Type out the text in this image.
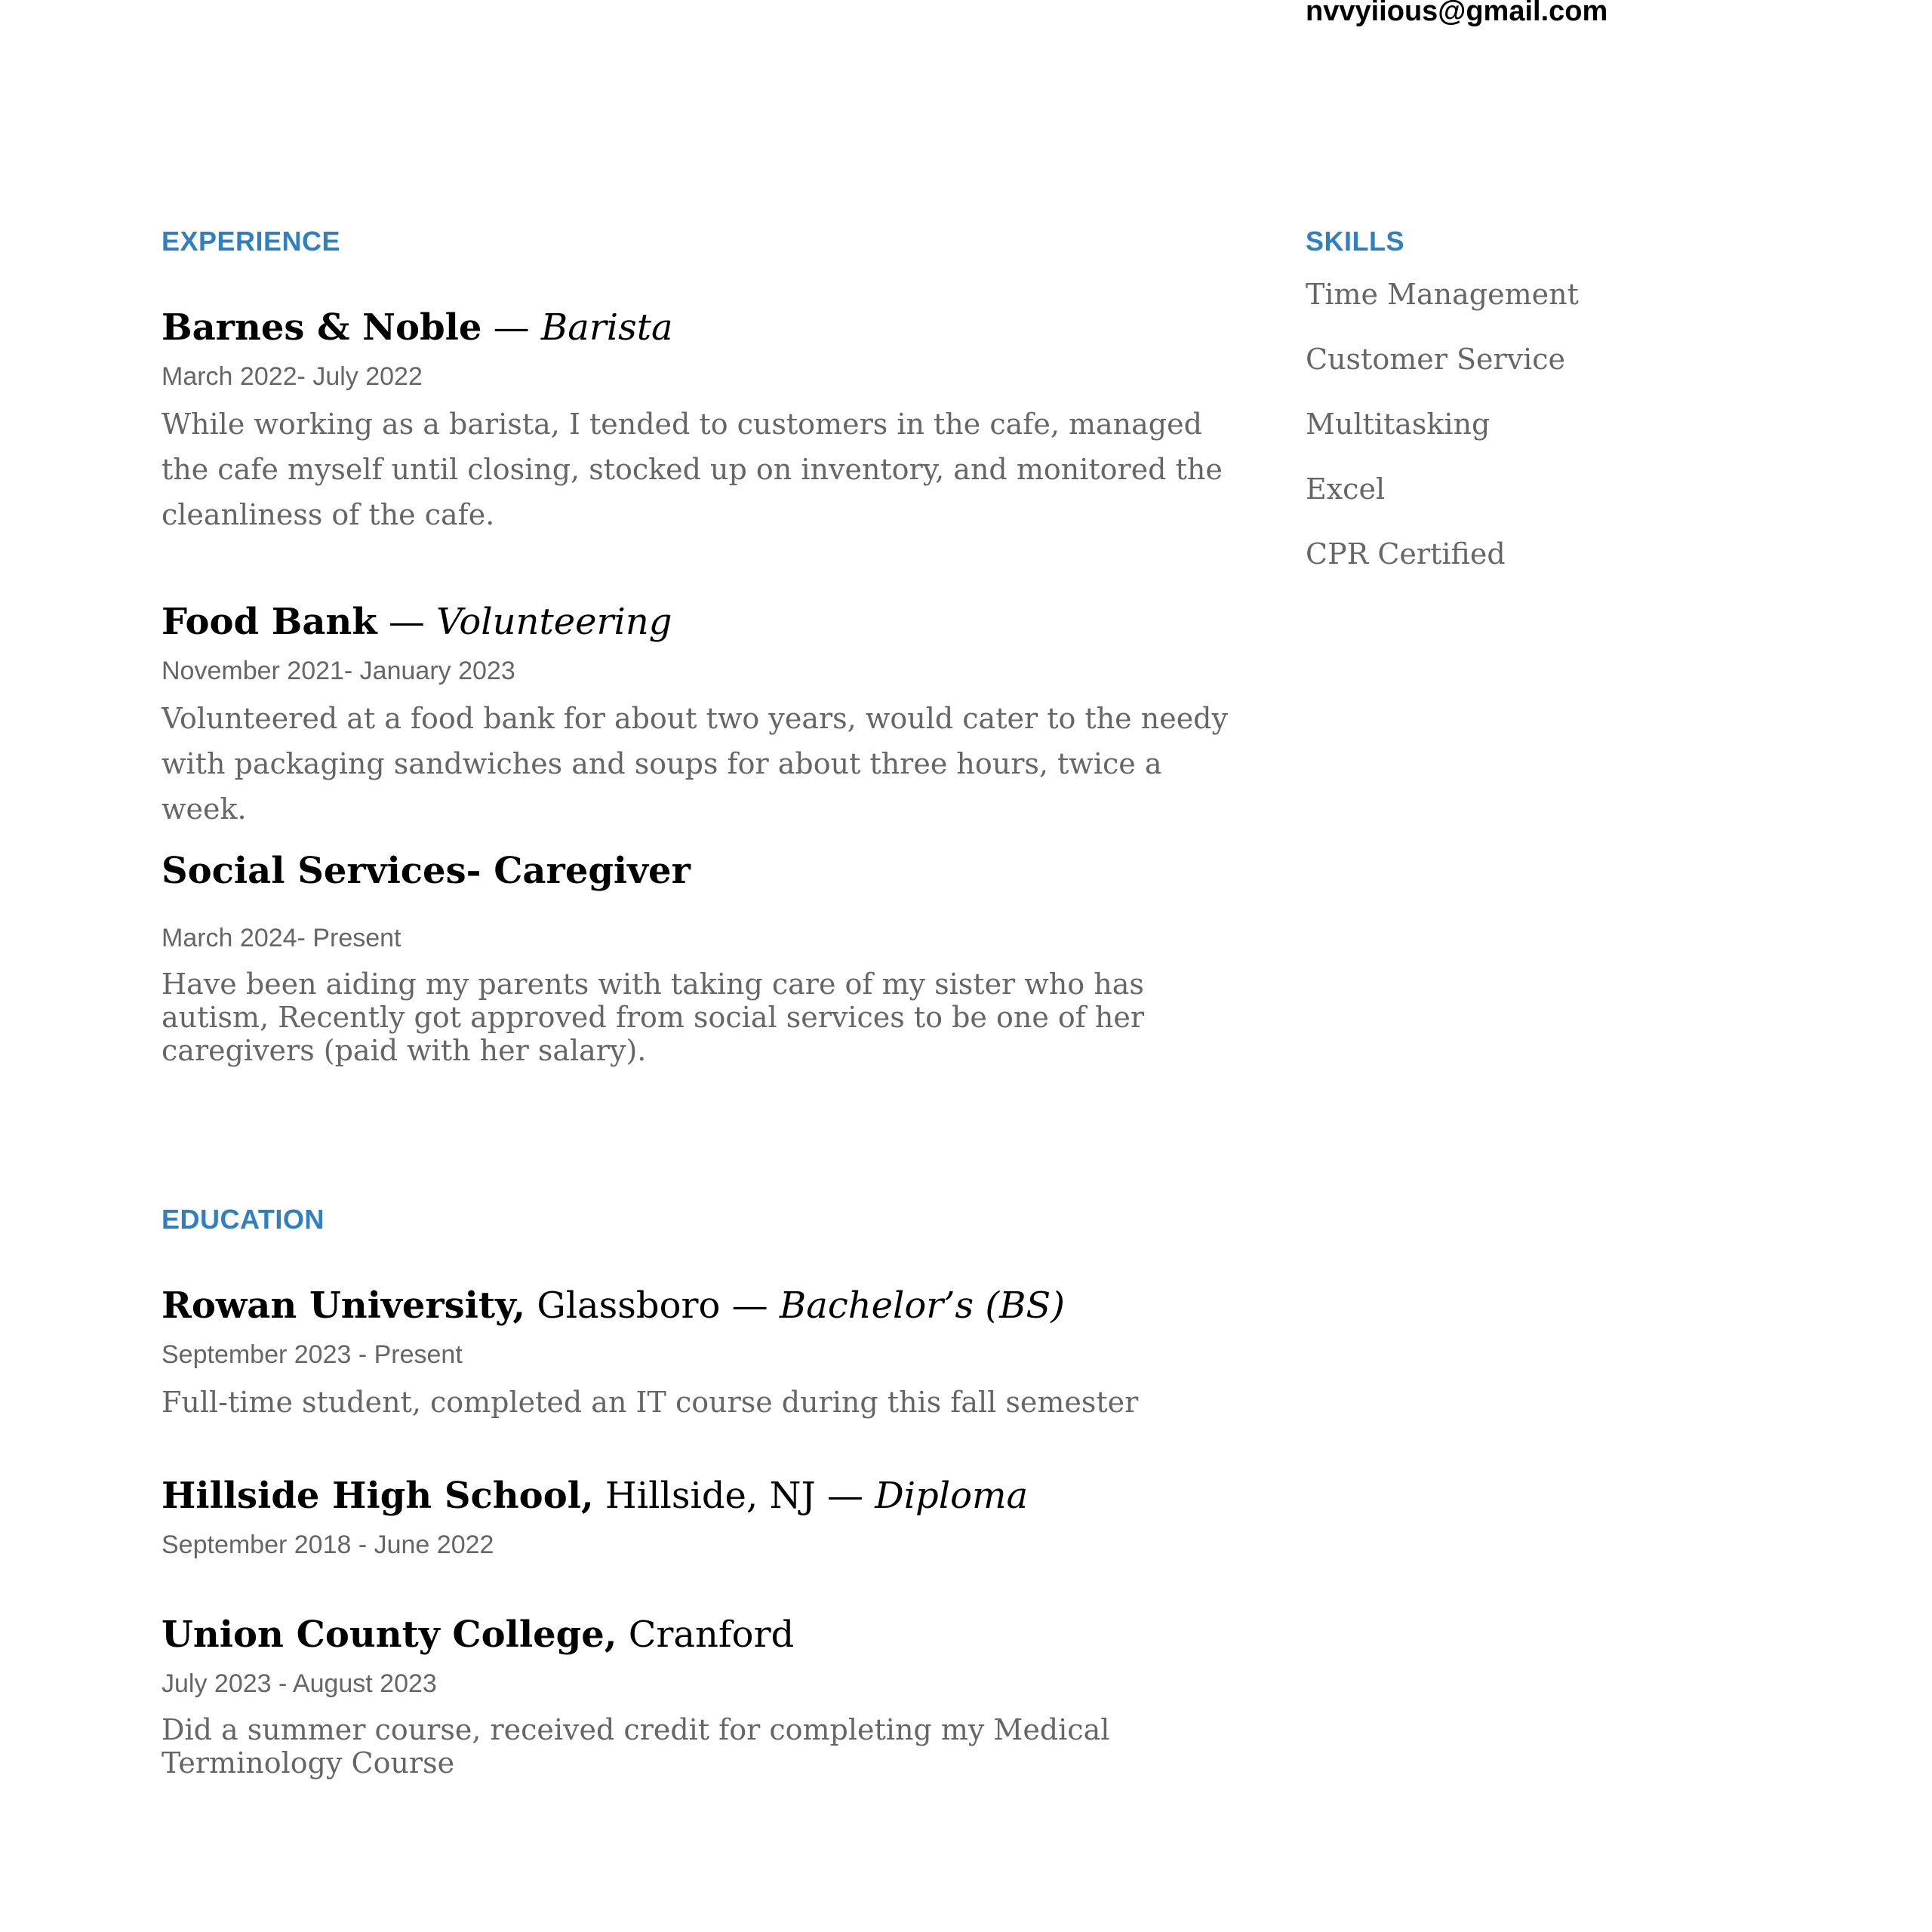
nvvyiious@gmail.com
EXPERIENCE
Barnes & Noble — Barista
March 2022- July 2022
While working as a barista, I tended to customers in the cafe, managed the cafe myself until closing, stocked up on inventory, and monitored the cleanliness of the cafe.
Food Bank — Volunteering
November 2021- January 2023
Volunteered at a food bank for about two years, would cater to the needy with packaging sandwiches and soups for about three hours, twice a week.
Social Services- Caregiver
March 2024- Present
Have been aiding my parents with taking care of my sister who has autism, Recently got approved from social services to be one of her caregivers (paid with her salary).
SKILLS
Time Management
Customer Service
Multitasking
Excel
CPR Certified
EDUCATION
Rowan University, Glassboro — Bachelor’s (BS)
September 2023 - Present
Full-time student, completed an IT course during this fall semester
Hillside High School, Hillside, NJ — Diploma
September 2018 - June 2022
Union County College, Cranford
July 2023 - August 2023
Did a summer course, received credit for completing my Medical Terminology Course
